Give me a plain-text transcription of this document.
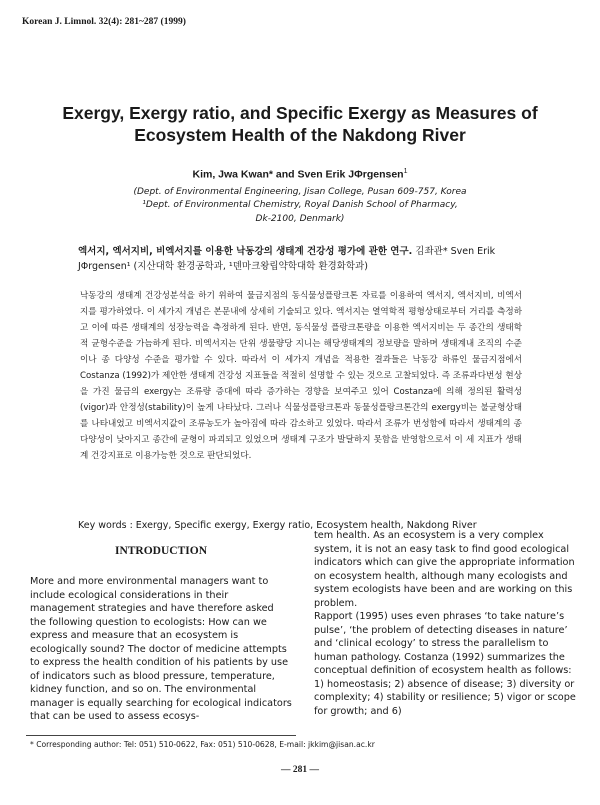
Korean J. Limnol. 32(4): 281~287 (1999)
Exergy, Exergy ratio, and Specific Exergy as Measures of Ecosystem Health of the Nakdong River
Kim, Jwa Kwan* and Sven Erik JΦrgensen$^1$

(Dept. of Environmental Engineering, Jisan College, Pusan 609-757, Korea

¹Dept. of Environmental Chemistry, Royal Danish School of Pharmacy,

Dk-2100, Denmark)

엑서지, 엑서지비, 비엑서지를 이용한 낙동강의 생태계 건강성 평가에 관한 연구. 김좌관* Sven Erik JΦrgensen¹ (지산대학 환경공학과, ¹덴마크왕립약학대학 환경화학과)
낙동강의 생태계 건강성분석을 하기 위하여 물금지점의 동식물성플랑크톤 자료를 이용하여 엑서지, 엑서지비, 비엑서지를 평가하였다. 이 세가지 개념은 본문내에 상세히 기술되고 있다. 엑서지는 열역학적 평형상태로부터 거리를 측정하고 이에 따른 생태계의 성장능력을 측정하게 된다. 반면, 동식물성 플랑크톤량을 이용한 엑서지비는 두 종간의 생태학적 균형수준을 가늠하게 된다. 비엑서지는 단위 생물량당 지니는 해당생태계의 정보량을 말하며 생태계내 조직의 수준이나 종 다양성 수준을 평가할 수 있다. 따라서 이 세가지 개념을 적용한 결과들은 낙동강 하류인 물금지점에서 Costanza (1992)가 제안한 생태계 건강성 지표들을 적절히 설명할 수 있는 것으로 고찰되었다. 즉 조류과다번성 현상을 가진 물금의 exergy는 조류량 증대에 따라 증가하는 경향을 보여주고 있어 Costanza에 의해 정의된 활력성(vigor)과 안정성(stability)이 높게 나타났다. 그러나 식물성플랑크톤과 동물성플랑크톤간의 exergy비는 불균형상태를 나타내었고 비엑서지값이 조류농도가 높아짐에 따라 감소하고 있었다. 따라서 조류가 번성함에 따라서 생태계의 종다양성이 낮아지고 종간에 균형이 파괴되고 있었으며 생태계 구조가 발달하지 못함을 반영함으로서 이 세 지표가 생태계 건강지표로 이용가능한 것으로 판단되었다.
Key words : Exergy, Specific exergy, Exergy ratio, Ecosystem health, Nakdong River
INTRODUCTION
More and more environmental managers want to include ecological considerations in their management strategies and have therefore asked the following question to ecologists: How can we express and measure that an ecosystem is ecologically sound? The doctor of medicine attempts to express the health condition of his patients by use of indicators such as blood pressure, temperature, kidney function, and so on. The environmental manager is equally searching for ecological indicators that can be used to assess ecosys-
tem health. As an ecosystem is a very complex system, it is not an easy task to find good ecological indicators which can give the appropriate information on ecosystem health, although many ecologists and system ecologists have been and are working on this problem.
Rapport (1995) uses even phrases ‘to take nature’s pulse’, ‘the problem of detecting diseases in nature’ and ‘clinical ecology’ to stress the parallelism to human pathology. Costanza (1992) summarizes the conceptual definition of ecosystem health as follows: 1) homeostasis; 2) absence of disease; 3) diversity or complexity; 4) stability or resilience; 5) vigor or scope for growth; and 6)
* Corresponding author: Tel: 051) 510-0622, Fax: 051) 510-0628, E-mail: jkkim@jisan.ac.kr
— 281 —
